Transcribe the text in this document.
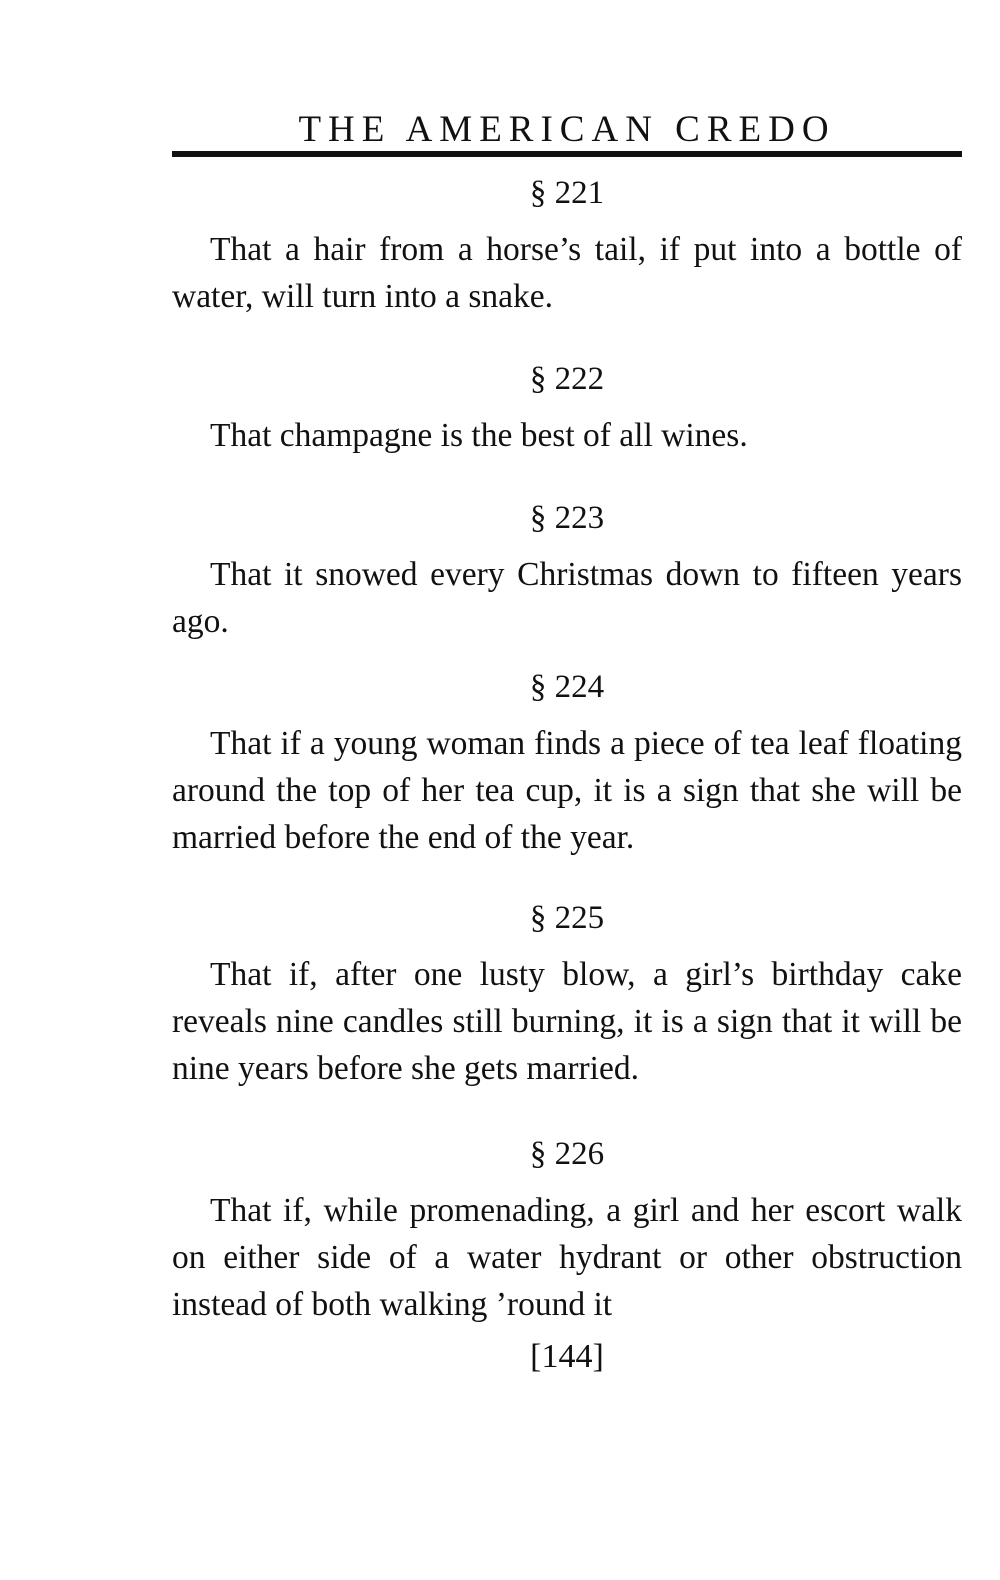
THE AMERICAN CREDO
§ 221
That a hair from a horse’s tail, if put into a bottle of water, will turn into a snake.
§ 222
That champagne is the best of all wines.
§ 223
That it snowed every Christmas down to fifteen years ago.
§ 224
That if a young woman finds a piece of tea leaf floating around the top of her tea cup, it is a sign that she will be married before the end of the year.
§ 225
That if, after one lusty blow, a girl’s birthday cake reveals nine candles still burning, it is a sign that it will be nine years before she gets married.
§ 226
That if, while promenading, a girl and her escort walk on either side of a water hydrant or other obstruction instead of both walking ’round it
[144]
